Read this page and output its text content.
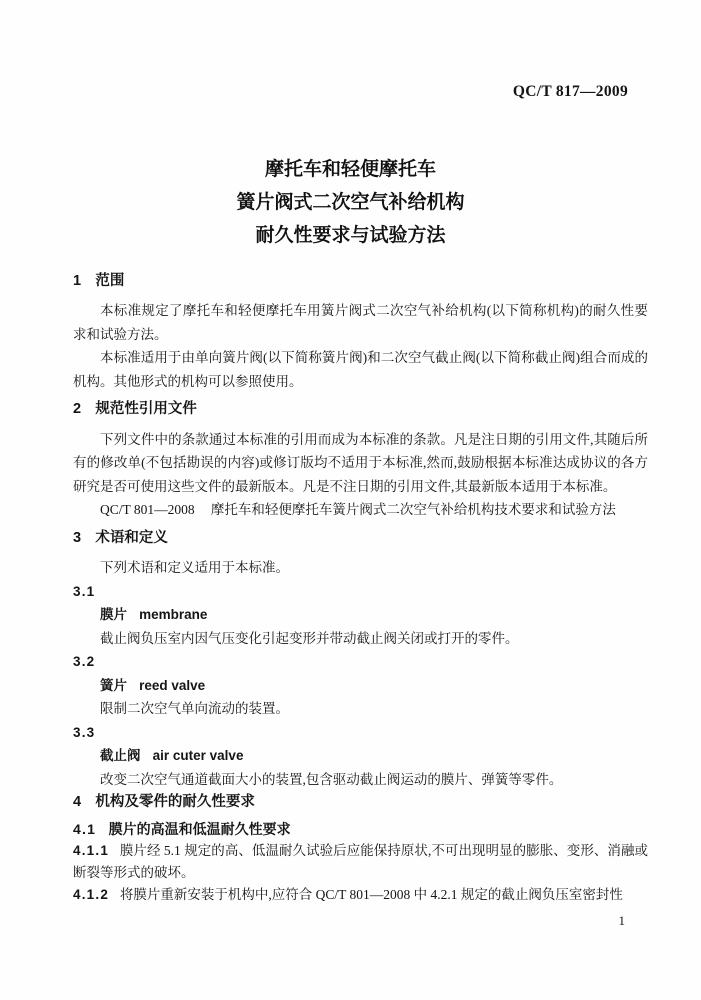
QC/T 817—2009
摩托车和轻便摩托车
簧片阀式二次空气补给机构
耐久性要求与试验方法
1 范围

本标准规定了摩托车和轻便摩托车用簧片阀式二次空气补给机构(以下简称机构)的耐久性要求和试验方法。

本标准适用于由单向簧片阀(以下简称簧片阀)和二次空气截止阀(以下简称截止阀)组合而成的机构。其他形式的机构可以参照使用。

2 规范性引用文件

下列文件中的条款通过本标准的引用而成为本标准的条款。凡是注日期的引用文件,其随后所有的修改单(不包括勘误的内容)或修订版均不适用于本标准,然而,鼓励根据本标准达成协议的各方研究是否可使用这些文件的最新版本。凡是不注日期的引用文件,其最新版本适用于本标准。

QC/T 801—2008 摩托车和轻便摩托车簧片阀式二次空气补给机构技术要求和试验方法

3 术语和定义

下列术语和定义适用于本标准。

3.1
膜片 membrane
截止阀负压室内因气压变化引起变形并带动截止阀关闭或打开的零件。
3.2
簧片 reed valve
限制二次空气单向流动的装置。
3.3
截止阀 air cuter valve
改变二次空气通道截面大小的装置,包含驱动截止阀运动的膜片、弹簧等零件。
4 机构及零件的耐久性要求
4.1 膜片的高温和低温耐久性要求

4.1.1 膜片经 5.1 规定的高、低温耐久试验后应能保持原状,不可出现明显的膨胀、变形、消融或断裂等形式的破坏。

4.1.2 将膜片重新安装于机构中,应符合 QC/T 801—2008 中 4.2.1 规定的截止阀负压室密封性

1
